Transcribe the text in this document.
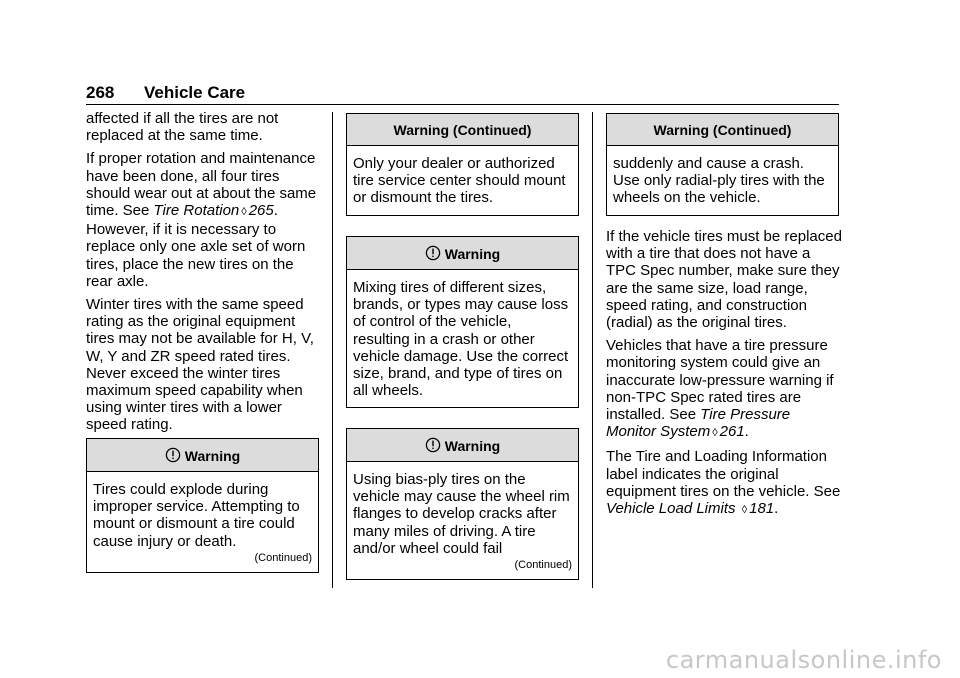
268 Vehicle Care

affected if all the tires are not replaced at the same time.

If proper rotation and maintenance have been done, all four tires should wear out at about the same time. See Tire Rotation ◊ 265. However, if it is necessary to replace only one axle set of worn tires, place the new tires on the rear axle.

Winter tires with the same speed rating as the original equipment tires may not be available for H, V, W, Y and ZR speed rated tires. Never exceed the winter tires maximum speed capability when using winter tires with a lower speed rating.

Warning
Tires could explode during improper service. Attempting to mount or dismount a tire could cause injury or death.
(Continued)
Warning (Continued)
Only your dealer or authorized tire service center should mount or dismount the tires.
Warning
Mixing tires of different sizes, brands, or types may cause loss of control of the vehicle, resulting in a crash or other vehicle damage. Use the correct size, brand, and type of tires on all wheels.
Warning
Using bias-ply tires on the vehicle may cause the wheel rim flanges to develop cracks after many miles of driving. A tire and/or wheel could fail
(Continued)
Warning (Continued)
suddenly and cause a crash. Use only radial-ply tires with the wheels on the vehicle.

If the vehicle tires must be replaced with a tire that does not have a TPC Spec number, make sure they are the same size, load range, speed rating, and construction (radial) as the original tires.

Vehicles that have a tire pressure monitoring system could give an inaccurate low-pressure warning if non-TPC Spec rated tires are installed. See Tire Pressure Monitor System ◊ 261.

The Tire and Loading Information label indicates the original equipment tires on the vehicle. See Vehicle Load Limits ◊ 181.

carmanualsonline.info
